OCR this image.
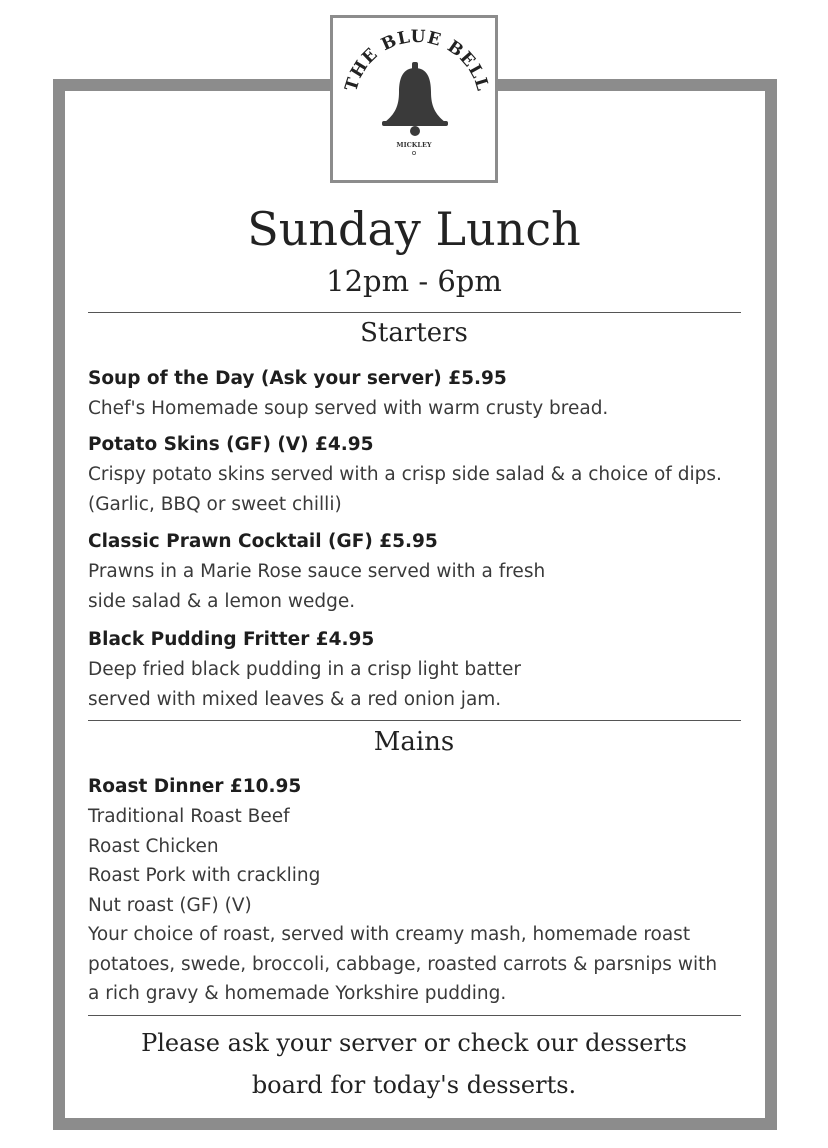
THE BLUE BELL
MICKLEY
Sunday Lunch
12pm - 6pm
Starters
Soup of the Day (Ask your server) £5.95
Chef's Homemade soup served with warm crusty bread.
Potato Skins (GF) (V) £4.95
Crispy potato skins served with a crisp side salad & a choice of dips.
(Garlic, BBQ or sweet chilli)
Classic Prawn Cocktail (GF) £5.95
Prawns in a Marie Rose sauce served with a fresh
side salad & a lemon wedge.
Black Pudding Fritter £4.95
Deep fried black pudding in a crisp light batter
served with mixed leaves & a red onion jam.
Mains
Roast Dinner £10.95
Traditional Roast Beef
Roast Chicken
Roast Pork with crackling
Nut roast (GF) (V)
Your choice of roast, served with creamy mash, homemade roast
potatoes, swede, broccoli, cabbage, roasted carrots & parsnips with
a rich gravy & homemade Yorkshire pudding.
Please ask your server or check our desserts
board for today's desserts.
